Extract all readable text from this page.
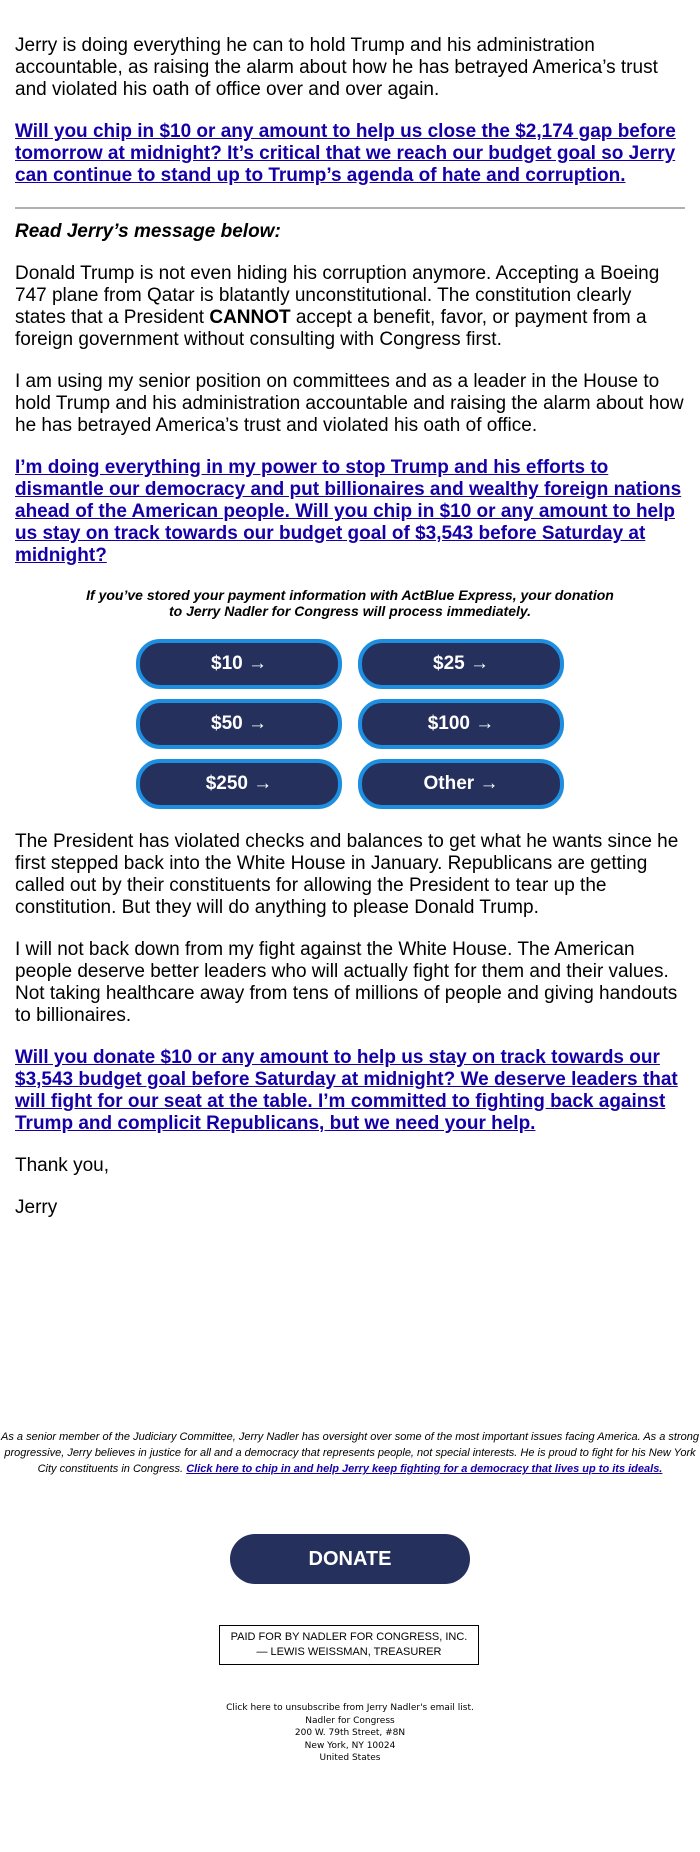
Jerry is doing everything he can to hold Trump and his administration accountable, as raising the alarm about how he has betrayed America’s trust and violated his oath of office over and over again.

Will you chip in $10 or any amount to help us close the $2,174 gap before tomorrow at midnight? It’s critical that we reach our budget goal so Jerry can continue to stand up to Trump’s agenda of hate and corruption.
Read Jerry’s message below:

Donald Trump is not even hiding his corruption anymore. Accepting a Boeing 747 plane from Qatar is blatantly unconstitutional. The constitution clearly states that a President CANNOT accept a benefit, favor, or payment from a foreign government without consulting with Congress first.

I am using my senior position on committees and as a leader in the House to hold Trump and his administration accountable and raising the alarm about how he has betrayed America’s trust and violated his oath of office.

I’m doing everything in my power to stop Trump and his efforts to dismantle our democracy and put billionaires and wealthy foreign nations ahead of the American people. Will you chip in $10 or any amount to help us stay on track towards our budget goal of $3,543 before Saturday at midnight?
If you’ve stored your payment information with ActBlue Express, your donation to Jerry Nadler for Congress will process immediately.
$10 →	$25 →
$50 →	$100 →
$250 →	Other →

The President has violated checks and balances to get what he wants since he first stepped back into the White House in January. Republicans are getting called out by their constituents for allowing the President to tear up the constitution. But they will do anything to please Donald Trump.

I will not back down from my fight against the White House. The American people deserve better leaders who will actually fight for them and their values. Not taking healthcare away from tens of millions of people and giving handouts to billionaires.

Will you donate $10 or any amount to help us stay on track towards our $3,543 budget goal before Saturday at midnight? We deserve leaders that will fight for our seat at the table. I’m committed to fighting back against Trump and complicit Republicans, but we need your help.

Thank you,

Jerry

As a senior member of the Judiciary Committee, Jerry Nadler has oversight over some of the most important issues facing America. As a strong progressive, Jerry believes in justice for all and a democracy that represents people, not special interests. He is proud to fight for his New York City constituents in Congress. Click here to chip in and help Jerry keep fighting for a democracy that lives up to its ideals.
DONATE
PAID FOR BY NADLER FOR CONGRESS, INC.
— LEWIS WEISSMAN, TREASURER
Click here to unsubscribe from Jerry Nadler's email list.
Nadler for Congress
200 W. 79th Street, #8N
New York, NY 10024
United States
